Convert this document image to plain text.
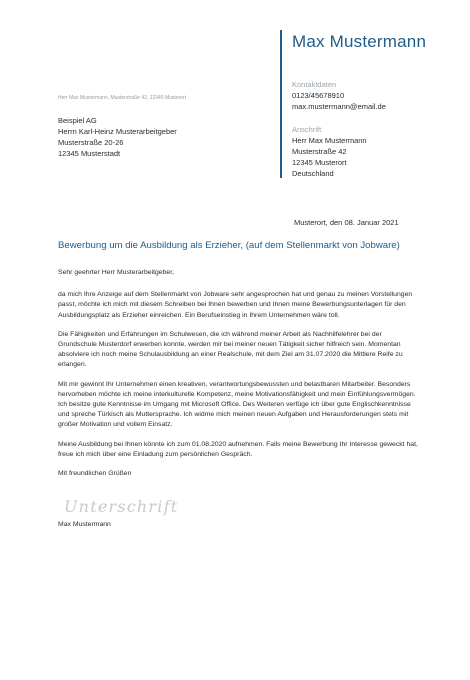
Max Mustermann
Kontaktdaten
0123/45678910
max.mustermann@email.de
Anschrift
Herr Max Mustermann
Musterstraße 42
12345 Musterort
Deutschland
Herr Max Mustermann, Musterstraße 42, 12345 Musterort
Beispiel AG
Herrn Karl-Heinz Musterarbeitgeber
Musterstraße 20-26
12345 Musterstadt
Musterort, den 08. Januar 2021
Bewerbung um die Ausbildung als Erzieher, (auf dem Stellenmarkt von Jobware)

Sehr geehrter Herr Musterarbeitgeber,

da mich Ihre Anzeige auf dem Stellenmarkt von Jobware sehr angesprochen hat und genau zu meinen Vorstellungen passt, möchte ich mich mit diesem Schreiben bei Ihnen bewerben und Ihnen meine Bewerbungsunterlagen für den Ausbildungsplatz als Erzieher einreichen. Ein Berufseinstieg in Ihrem Unternehmen wäre toll.

Die Fähigkeiten und Erfahrungen im Schulwesen, die ich während meiner Arbeit als Nachhilfelehrer bei der Grundschule Musterdorf erwerben konnte, werden mir bei meiner neuen Tätigkeit sicher hilfreich sein. Momentan absolviere ich noch meine Schulausbildung an einer Realschule, mit dem Ziel am 31.07.2020 die Mittlere Reife zu erlangen.

Mit mir gewinnt Ihr Unternehmen einen kreativen, verantwortungsbewussten und belastbaren Mitarbeiter. Besonders hervorheben möchte ich meine interkulturelle Kompetenz, meine Motivationsfähigkeit und mein Einfühlungsvermögen. Ich besitze gute Kenntnisse im Umgang mit Microsoft Office. Des Weiteren verfüge ich über gute Englischkenntnisse und spreche Türkisch als Muttersprache. Ich widme mich meinen neuen Aufgaben und Herausforderungen stets mit großer Motivation und vollem Einsatz.

Meine Ausbildung bei Ihnen könnte ich zum 01.08.2020 aufnehmen. Falls meine Bewerbung Ihr Interesse geweckt hat, freue ich mich über eine Einladung zum persönlichen Gespräch.

Mit freundlichen Grüßen

Unterschrift
Max Mustermann
